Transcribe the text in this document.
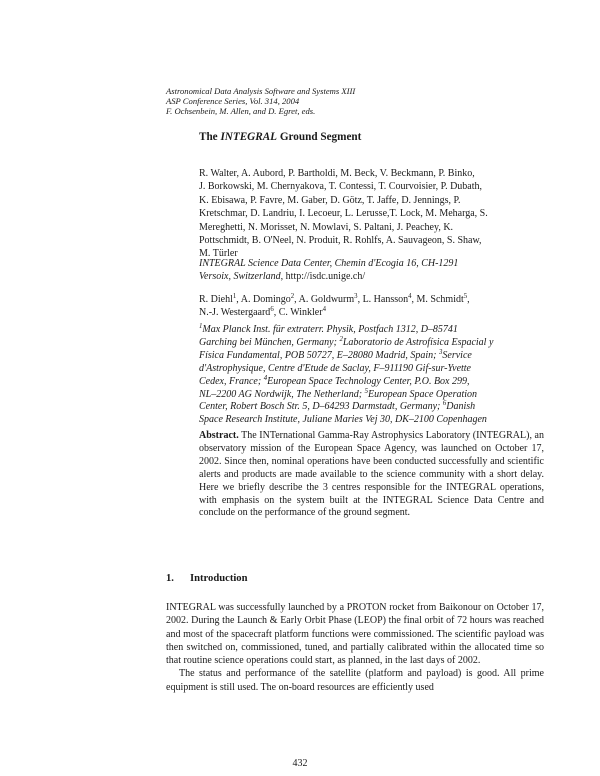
Astronomical Data Analysis Software and Systems XIII
ASP Conference Series, Vol. 314, 2004
F. Ochsenbein, M. Allen, and D. Egret, eds.
The INTEGRAL Ground Segment
R. Walter, A. Aubord, P. Bartholdi, M. Beck, V. Beckmann, P. Binko,
J. Borkowski, M. Chernyakova, T. Contessi, T. Courvoisier, P. Dubath,
K. Ebisawa, P. Favre, M. Gaber, D. Götz, T. Jaffe, D. Jennings, P.
Kretschmar, D. Landriu, I. Lecoeur, L. Lerusse,T. Lock, M. Meharga, S.
Mereghetti, N. Morisset, N. Mowlavi, S. Paltani, J. Peachey, K.
Pottschmidt, B. O'Neel, N. Produit, R. Rohlfs, A. Sauvageon, S. Shaw,
M. Türler
INTEGRAL Science Data Center, Chemin d'Ecogia 16, CH-1291
Versoix, Switzerland, http://isdc.unige.ch/
R. Diehl$^1$, A. Domingo$^2$, A. Goldwurm$^3$, L. Hansson$^4$, M. Schmidt$^5$,
N.-J. Westergaard$^6$, C. Winkler$^4$
$^1$Max Planck Inst. für extraterr. Physik, Postfach 1312, D–85741
Garching bei München, Germany; $^2$Laboratorio de Astrofísica Espacial y
Física Fundamental, POB 50727, E–28080 Madrid, Spain; $^3$Service
d'Astrophysique, Centre d'Etude de Saclay, F–911190 Gif-sur-Yvette
Cedex, France; $^4$European Space Technology Center, P.O. Box 299,
NL–2200 AG Nordwijk, The Netherland; $^5$European Space Operation
Center, Robert Bosch Str. 5, D–64293 Darmstadt, Germany; $^6$Danish
Space Research Institute, Juliane Maries Vej 30, DK–2100 Copenhagen
Abstract. The INTernational Gamma-Ray Astrophysics Laboratory (INTEGRAL), an observatory mission of the European Space Agency, was launched on October 17, 2002. Since then, nominal operations have been conducted successfully and scientific alerts and products are made available to the science community with a short delay. Here we briefly describe the 3 centres responsible for the INTEGRAL operations, with emphasis on the system built at the INTEGRAL Science Data Centre and conclude on the performance of the ground segment.
1. Introduction

INTEGRAL was successfully launched by a PROTON rocket from Baikonour on October 17, 2002. During the Launch & Early Orbit Phase (LEOP) the final orbit of 72 hours was reached and most of the spacecraft platform functions were commissioned. The scientific payload was then switched on, commissioned, tuned, and partially calibrated within the allocated time so that routine science operations could start, as planned, in the last days of 2002.

The status and performance of the satellite (platform and payload) is good. All prime equipment is still used. The on-board resources are efficiently used

432
